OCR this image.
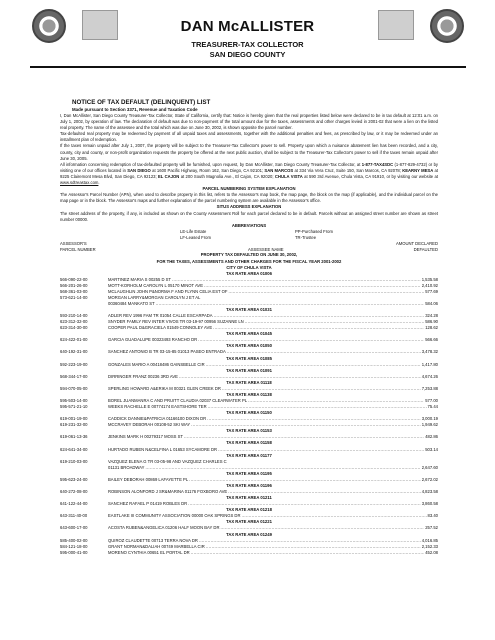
DAN McALLISTER
TREASURER-TAX COLLECTOR
SAN DIEGO COUNTY
NOTICE OF TAX DEFAULT (DELINQUENT) LIST
Made pursuant to Section 3371, Revenue and Taxation Code

I, Dan McAllister, San Diego County Treasurer-Tax Collector, State of California, certify that: Notice is hereby given that the real properties listed below were declared to be in tax default at 12:01 a.m. on July 1, 2002, by operation of law. The declaration of default was due to non-payment of the total amount due for the taxes, assessments and other charges levied in 2001-02 that were a lien on the listed real property. The name of the assessee and the total which was due on June 30, 2002, is shown opposite the parcel number.

Tax-defaulted real property may be redeemed by payment of all unpaid taxes and assessments, together with the additional penalties and fees, as prescribed by law, or it may be redeemed under an installment plan of redemption.

If the taxes remain unpaid after July 1, 2007, the property will be subject to the Treasurer-Tax Collector's power to sell. Property upon which a nuisance abatement lien has been recorded, and a city, county, city and county, or non-profit organization requests the property be offered at the next public auction, shall be subject to the Treasurer-Tax Collector's power to sell if the taxes remain unpaid after June 30, 2005.

All information concerning redemption of tax-defaulted property will be furnished, upon request, by Dan McAllister, San Diego County Treasurer-Tax Collector, at 1-877-TAX4SDC (1-877-829-4732) or by visiting one of our offices located in SAN DIEGO at 1600 Pacific Highway, Room 162, San Diego, CA 92101; SAN MARCOS at 334 Via Vera Cruz, Suite 150, San Marcos, CA 92078; KEARNY MESA at 9225 Clairemont Mesa Blvd, San Diego, CA 92123; EL CAJON at 200 South Magnolia Ave., El Cajon, CA 92020; CHULA VISTA at 590 3rd Avenue, Chula Vista, CA 91910, or by visiting our website at www.sdtreastax.com.

PARCEL NUMBERING SYSTEM EXPLANATION

The Assessor's Parcel Number (APN), when used to describe property in this list, refers to the Assessor's map book, the map page, the block on the map (if applicable), and the individual parcel on the map page or in the block. The Assessor's maps and further explanation of the parcel numbering system are available in the Assessor's office.

SITUS ADDRESS EXPLANATION

The street address of the property, if any, is included as shown on the County Assessment Roll for each parcel declared to be in default. Parcels without an assigned street number are shown as street number 00000.

ABBREVIATIONS
LE-Life Estate	PP-Purchased From
LF-Leased From	TR-Trustee
ASSESSOR'S
PARCEL NUMBER	ASSESSEE NAME
AMOUNT DECLARED
DEFAULTED
PROPERTY TAX DEFAULTED ON JUNE 30, 2002,
FOR THE TAXES, ASSESSMENTS AND OTHER CHARGES FOR THE FISCAL YEAR 2001-2002
CITY OF CHULA VISTA
TAX RATE AREA 01006
566-090-22-00	MARTINEZ MARIA S 00255 D ST .....	1,535.58
566-201-26-00	MOTT-KORHOLM CAROLYN L 05170 MINOT AVE .....	2,410.92
568-361-03-00	MCLAUGHLIN JOHN P&NORMA F AND FLYNN CELIA EST OF .....	577.69
573-621-14-00	MORGAN LARRY&MORGAN CAROLYN J ET AL
00360484 MANKATO ST .....	584.06
TAX RATE AREA 01031
593-210-14-00	ADLER REV 1996 FAM TR 01054 CALLE ESCARPADA .....	324.28
623-312-32-00	SNYDER FAMILY REV INTER VIVOS TR 03-19-97 00956 SUZANNE LN .....	586.90
623-314-30-00	COOPER PAUL D&GRACIELA 01549 CONNOLEY AVE .....	128.62
TAX RATE AREA 01045
624-422-01-00	GARCIA GUADALUPE 00323493 RANCHO DR .....	566.66
TAX RATE AREA 01050
640-192-31-00	SANCHEZ ANTONIO B TR 03-15-85 01013 PASEO ENTRADA .....	3,478.32
TAX RATE AREA 01085
592-223-19-00	GONZALES MARIO A 00418486 GAINSBELLE CIR .....	1,417.80
TAX RATE AREA 01091
568-344-17-00	DIRRINGER FRANZ 00236 3RD AVE .....	4,674.26
TAX RATE AREA 01118
594-070-05-00	SPERLING HOWARD A&ERIKA M 00321 GLEN CREEK DR .....	7,253.88
TAX RATE AREA 01138
595-503-14-00	BOREL JUANMANRA C AND PRUITT CLAUDIA 02037 CLEARWATER PL .....	577.00
595-571-21-10	WEEKS RACHELLE E 00774174 EASTSHORE TER .....	75.44
TAX RATE AREA 01150
619-001-19-00	CADDICK DANNIE&PATRICIA 01166100 DIXON DR .....	3,000.19
619-231-32-00	MCCRAVEY DEBORAH 00108-52 SKI WAY .....	1,949.62
TAX RATE AREA 01153
619-061-13-36	JENKINS MARK H 00279317 MOSS ST .....	482.86
TAX RATE AREA 01158
624-641-34-00	HURTADO RUBEN N&CELFINA L 01653 SYCAMORE DR .....	503.14
TAX RATE AREA 01177
619-210-03-00	VAZQUEZ ELENA G TR 03-05-98 AND VAZQUEZ CHARLES C
01131 BROADWAY .....	2,647.60
TAX RATE AREA 01195
595-623-24-00	BAILEY DEBORAH 00869 LAFAYETTE PL .....	2,672.02
TAX RATE AREA 01196
640-272-08-00	ROBINSON ALONFORD J SR&MARINA 01176 FOXBORO AVE .....	4,823.58
TAX RATE AREA 01211
641-122-44-00	SANCHEZ RAFAEL P 01419 ROBLES DR .....	3,860.58
TAX RATE AREA 01218
643-311-40-00	EASTLAKE III COMMUNITY ASSOCIATION 00000 OAK SPRINGS DR .....	83.40
TAX RATE AREA 01221
643-600-17-00	ACOSTA RUBEN&ANGELICA 01206 HALF MOON BAY DR .....	257.52
TAX RATE AREA 01249
585-400-02-00	QUIROZ CLAUDETTE 00713 TERRA NOVA DR .....	4,016.85
584-121-18-00	GRANT NORMAN&DALIAH 00749 MARBELLA CIR .....	2,152.33
595-000-41-00	MORENO CYNTHIA 00651 EL PORTAL DR .....	452.08
